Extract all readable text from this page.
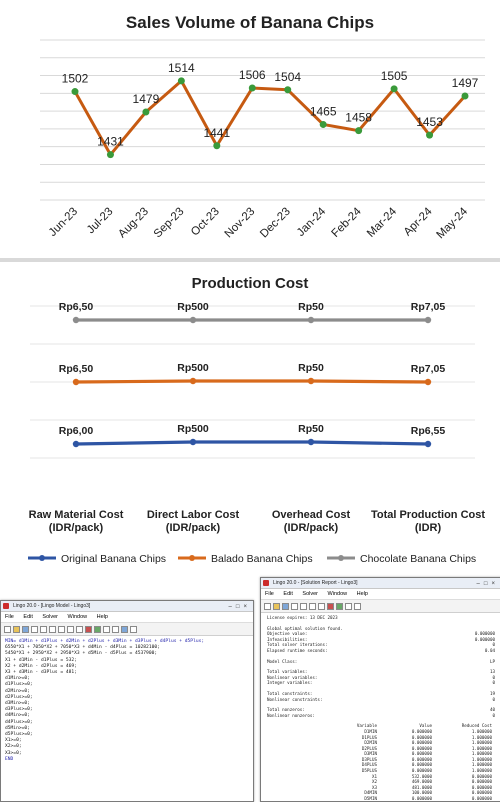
Sales Volume of Banana Chips
1502
Jun-23
1431
Jul-23
1479
Aug-23
1514
Sep-23
1441
Oct-23
1506
Nov-23
1504
Dec-23
1465
Jan-24
1458
Feb-24
1505
Mar-24
1453
Apr-24
1497
May-24
Production Cost
Rp6,00	Rp500	Rp50	Rp6,55
Rp6,50	Rp500	Rp50	Rp7,05
Rp6,50	Rp500	Rp50	Rp7,05
Raw Material Cost
(IDR/pack)
Direct Labor Cost
(IDR/pack)
Overhead Cost
(IDR/pack)
Total Production Cost
(IDR)
Original Banana Chips	Balado Banana Chips	Chocolate Banana Chips
Lingo 20.0 - [Lingo Model - Lingo3]	–□×
File Edit Solver Window Help
MIN= d1Min + d1Plus + d2Min + d2Plus + d3Min + d3Plus + d4Plus + d5Plus;
6550*X1 + 7050*X2 + 7050*X3 + d4Min - d4Plus = 10282100;
5450*X1 + 2950*X2 + 2950*X3 + d5Min - d5Plus = 4537900;
X1 + d1Min - d1Plus = 532;
X2 + d2Min - d2Plus = 469;
X3 + d3Min - d3Plus = 481;
d1Min>=0;
d1Plus>=0;
d2Min>=0;
d2Plus>=0;
d3Min>=0;
d3Plus>=0;
d4Min>=0;
d4Plus>=0;
d5Min>=0;
d5Plus>=0;
X1>=0;
X2>=0;
X3>=0;
END
Lingo 20.0 - [Solution Report - Lingo3]	–□×
File Edit Solver Window Help
License expires: 13 DEC 2023
Global optimal solution found.
Objective value:	0.000000
Infeasibilities:	0.000000
Total solver iterations:	0
Elapsed runtime seconds:	0.04
Model Class:	LP
Total variables:	13
Nonlinear variables:	0
Integer variables:	0
Total constraints:	19
Nonlinear constraints:	0
Total nonzeros:	40
Nonlinear nonzeros:	0
Variable	Value	Reduced Cost
D1MIN	0.000000	1.000000
D1PLUS	0.000000	1.000000
D2MIN	0.000000	1.000000
D2PLUS	0.000000	1.000000
D3MIN	0.000000	1.000000
D3PLUS	0.000000	1.000000
D4PLUS	0.000000	1.000000
D5PLUS	0.000000	1.000000
X1	532.0000	0.000000
X2	469.0000	0.000000
X3	481.0000	0.000000
D4MIN	100.0000	0.000000
D5MIN	0.000000	0.000000
